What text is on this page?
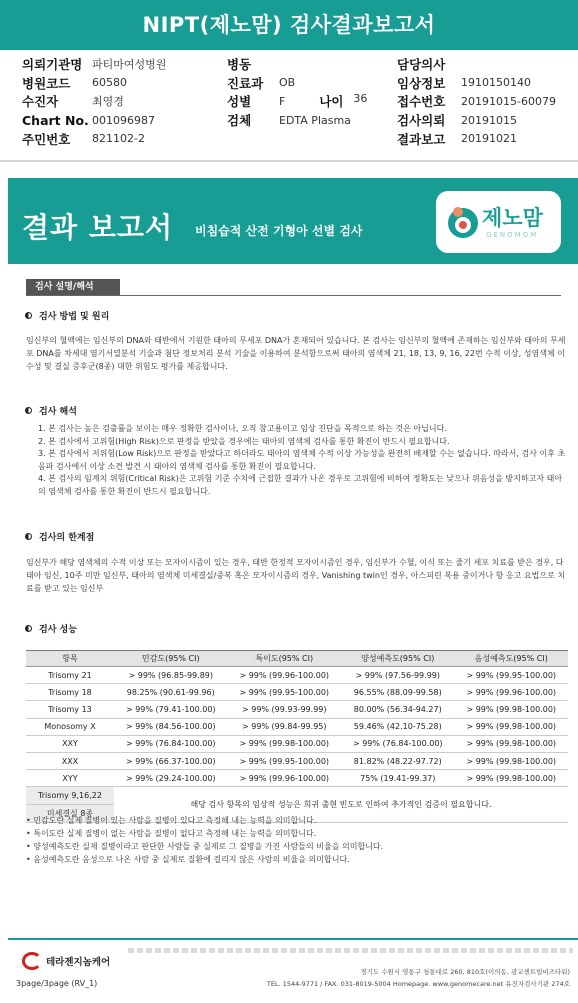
NIPT(제노맘) 검사결과보고서
의뢰기관명 파티마여성병원	병동	담당의사
병원코드	60580	진료과	OB	임상정보	1910150140
수진자	최영경	성별	F	나이 36 접수번호	20191015-60079
Chart No. 001096987	검체	EDTA Plasma	검사의뢰	20191015
주민번호	821102-2	결과보고	20191021
결과 보고서 비침습적 산전 기형아 선별 검사
제노맘
GENOMOM
검사 설명/해석
검사 방법 및 원리
임신부의 혈액에는 임신부의 DNA와 태반에서 기원한 태아의 무세포 DNA가 혼재되어 있습니다. 본 검사는 임신부의 혈액에 존재하는 임신부와 태아의 무세포 DNA를 차세대 염기서열분석 기술과 첨단 정보처리 분석 기술을 이용하여 분석함으로써 태아의 염색체 21, 18, 13, 9, 16, 22번 수적 이상, 성염색체 이수성 및 결실 증후군(8종) 대한 위험도 평가를 제공합니다.
검사 해석
1. 본 검사는 높은 검출률을 보이는 매우 정확한 검사이나, 오직 참고용이고 임상 진단을 목적으로 하는 것은 아닙니다.
2. 본 검사에서 고위험(High Risk)으로 판정을 받았을 경우에는 태아의 염색체 검사를 통한 확진이 반드시 필요합니다.
3. 본 검사에서 저위험(Low Risk)으로 판정을 받았다고 하더라도 태아의 염색체 수적 이상 가능성을 완전히 배제할 수는 없습니다. 따라서, 검사 이후 초음파 검사에서 이상 소견 발견 시 태아의 염색체 검사를 통한 확진이 필요합니다.
4. 본 검사의 임계치 위험(Critical Risk)은 고위험 기준 수치에 근접한 결과가 나온 경우로 고위험에 비하여 정확도는 낮으나 위음성을 방지하고자 태아의 염색체 검사를 통한 확진이 반드시 필요합니다.
검사의 한계점
임신부가 해당 염색체의 수적 이상 또는 모자이시즘이 있는 경우, 태반 한정적 모자이시즘인 경우, 임신부가 수혈, 이식 또는 줄기 세포 치료를 받은 경우, 다태아 임신, 10주 미만 임신부, 태아의 염색체 미세결실/중복 혹은 모자이시즘의 경우, Vanishing twin인 경우, 아스피린 복용 중이거나 항 응고 요법으로 치료를 받고 있는 임신부
검사 성능
항목	민감도(95% CI)	특이도(95% CI)	양성예측도(95% CI)	음성예측도(95% CI)
Trisomy 21	> 99% (96.85-99.89)	> 99% (99.96-100.00)	> 99% (97.56-99.99)	> 99% (99.95-100.00)
Trisomy 18	98.25% (90.61-99.96)	> 99% (99.95-100.00)	96.55% (88.09-99.58)	> 99% (99.96-100.00)
Trisomy 13	> 99% (79.41-100.00)	> 99% (99.93-99.99)	80.00% (56.34-94.27)	> 99% (99.98-100.00)
Monosomy X	> 99% (84.56-100.00)	> 99% (99.84-99.95)	59.46% (42.10-75.28)	> 99% (99.98-100.00)
XXY	> 99% (76.84-100.00)	> 99% (99.98-100.00)	> 99% (76.84-100.00)	> 99% (99.98-100.00)
XXX	> 99% (66.37-100.00)	> 99% (99.95-100.00)	81.82% (48.22-97.72)	> 99% (99.98-100.00)
XYY	> 99% (29.24-100.00)	> 99% (99.96-100.00)	75% (19.41-99.37)	> 99% (99.98-100.00)
Trisomy 9,16,22	해당 검사 항목의 임상적 성능은 희귀 출현 빈도로 인하여 추가적인 검증이 필요합니다.			
미세결실 8종				
• 민감도란 실제 질병이 있는 사람을 질병이 있다고 측정해 내는 능력을 의미합니다.
• 특이도란 실제 질병이 없는 사람을 질병이 없다고 측정해 내는 능력을 의미합니다.
• 양성예측도란 실제 질병이라고 판단한 사람들 중 실제로 그 질병을 가진 사람들의 비율을 의미합니다.
• 음성예측도란 음성으로 나온 사람 중 실제로 질환에 걸리지 않은 사람의 비율을 의미합니다.
테라젠지놈케어
경기도 수원시 영통구 청통대로 260, 810호(이의동, 광교센트럴비즈타워)
TEL. 1544-9771 / FAX. 031-8019-5004 Homepage. www.genomecare.net 유전자검사기관 274호
3page/3page (RV_1)
